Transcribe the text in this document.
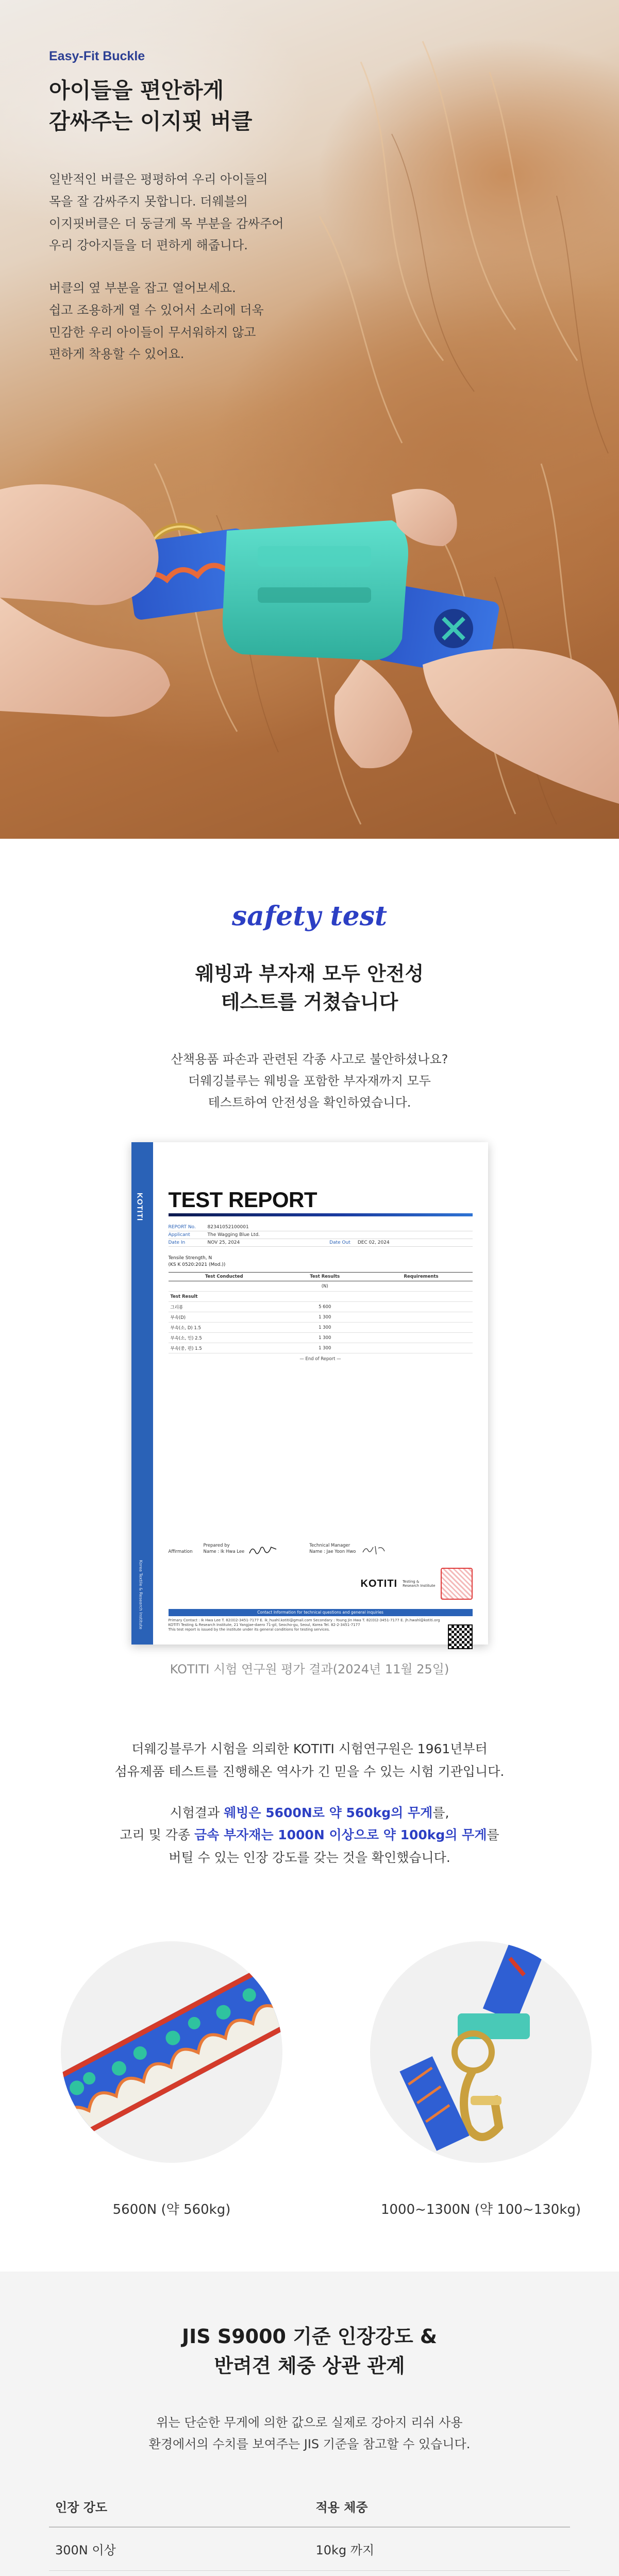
Easy-Fit Buckle
아이들을 편안하게
감싸주는 이지핏 버클

일반적인 버클은 평평하여 우리 아이들의
목을 잘 감싸주지 못합니다. 더웨블의
이지핏버클은 더 둥글게 목 부분을 감싸주어
우리 강아지들을 더 편하게 해줍니다.

버클의 옆 부분을 잡고 열어보세요.
쉽고 조용하게 열 수 있어서 소리에 더욱
민감한 우리 아이들이 무서워하지 않고
편하게 착용할 수 있어요.

safety test
웨빙과 부자재 모두 안전성
테스트를 거쳤습니다

산책용품 파손과 관련된 각종 사고로 불안하셨나요?
더웨깅블루는 웨빙을 포함한 부자재까지 모두
테스트하여 안전성을 확인하였습니다.

KOTITI
Korea Textile & Research Institute
TEST REPORT
REPORT No.	82341052100001
Applicant	The Wagging Blue Ltd.
Date In	NOV 25, 2024	Date Out DEC 02, 2024
Tensile Strength, N
(KS K 0520:2021 (Mod.))
Test Conducted	Test Results	Requirements
	(N)	
Test Result		
그리폼	5 600	
부속(D)	1 300	
부속(소, D) 1.5	1 300	
부속(소, 인) 2.5	1 300	
부속(중, 편) 1.5	1 300	
— End of Report —
Affirmation
Prepared by
Name : Ik Hwa Lee
Technical Manager
Name : Jae Yoon Hwo
KOTITI Testing &
Research Institute
Contact Information for technical questions and general inquiries
Primary Contact : Ik Hwa Lee T. 82(0)2-3451-7177 E. ik_huahl.kotiti@gmail.com Secondary : Young Jin Hwa T. 82(0)2-3451-7177 E. jh.hwahl@kotiti.org
KOTITI Testing & Research Institute, 21 Yangjae-daero 71-gil, Seocho-gu, Seoul, Korea Tel. 82-2-3451-7177
This test report is issued by the institute under its general conditions for testing services.
KOTITI 시험 연구원 평가 결과(2024년 11월 25일)

더웨깅블루가 시험을 의뢰한 KOTITI 시험연구원은 1961년부터
섬유제품 테스트를 진행해온 역사가 긴 믿을 수 있는 시험 기관입니다.

시험결과 웨빙은 5600N로 약 560kg의 무게를,
고리 및 각종 금속 부자재는 1000N 이상으로 약 100kg의 무게를
버틸 수 있는 인장 강도를 갖는 것을 확인했습니다.

5600N (약 560kg)	1000~1300N (약 100~130kg)
JIS S9000 기준 인장강도 &
반려견 체중 상관 관계

위는 단순한 무게에 의한 값으로 실제로 강아지 리쉬 사용
환경에서의 수치를 보여주는 JIS 기준을 참고할 수 있습니다.

인장 강도	적용 체중
300N 이상	10kg 까지
